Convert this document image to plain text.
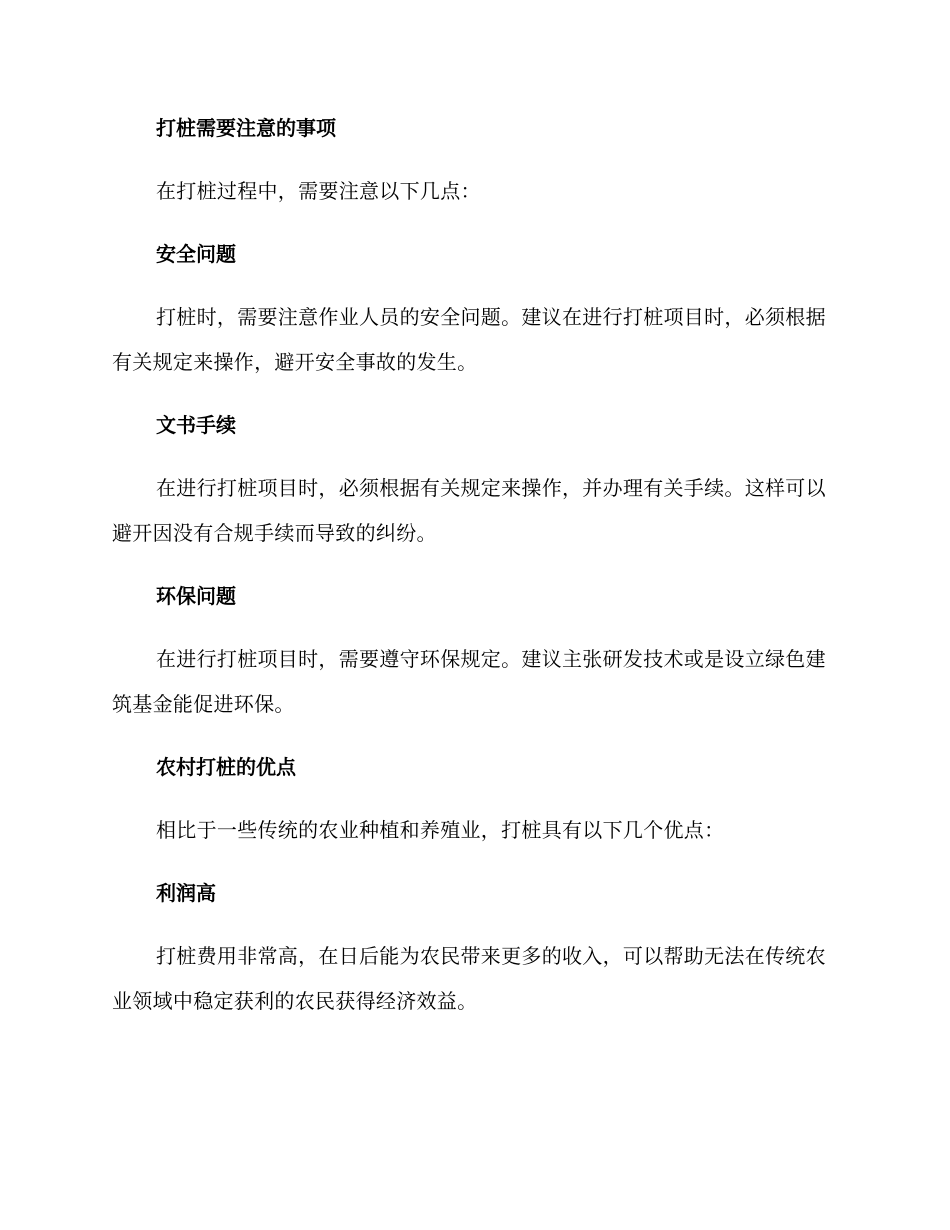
打桩需要注意的事项

在打桩过程中，需要注意以下几点：

安全问题

打桩时，需要注意作业人员的安全问题。建议在进行打桩项目时，必须根据有关规定来操作，避开安全事故的发生。

文书手续

在进行打桩项目时，必须根据有关规定来操作，并办理有关手续。这样可以避开因没有合规手续而导致的纠纷。

环保问题

在进行打桩项目时，需要遵守环保规定。建议主张研发技术或是设立绿色建筑基金能促进环保。

农村打桩的优点

相比于一些传统的农业种植和养殖业，打桩具有以下几个优点：

利润高

打桩费用非常高，在日后能为农民带来更多的收入，可以帮助无法在传统农业领域中稳定获利的农民获得经济效益。
